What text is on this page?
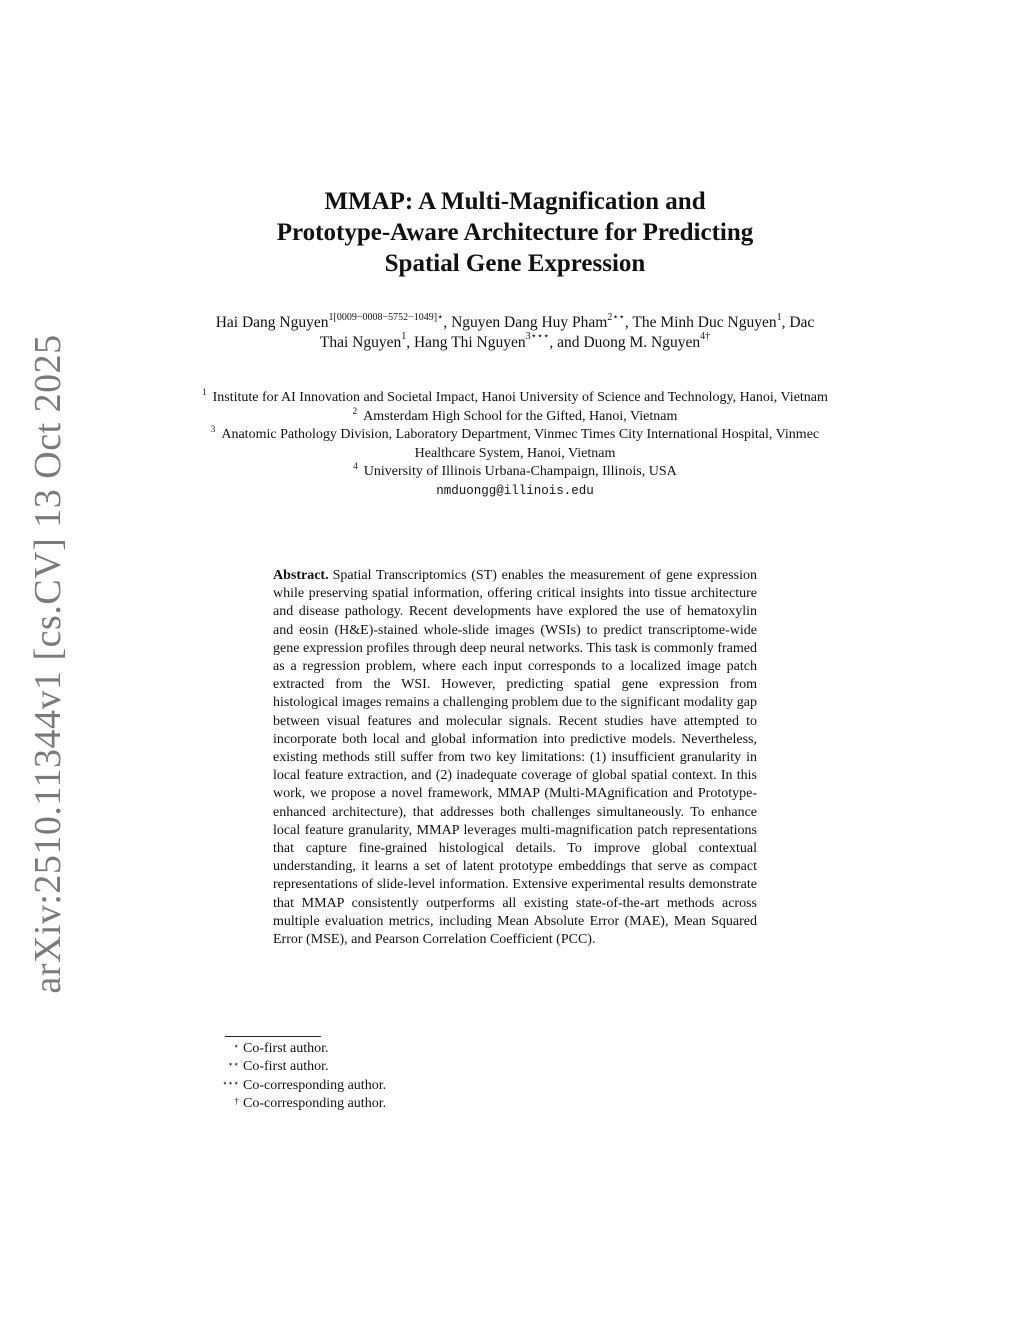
arXiv:2510.11344v1 [cs.CV] 13 Oct 2025
MMAP: A Multi-Magnification and
Prototype-Aware Architecture for Predicting
Spatial Gene Expression

Hai Dang Nguyen$^{1[0009-0008-5752-1049]⋆}$, Nguyen Dang Huy Pham$^{2⋆⋆}$, The Minh Duc Nguyen$^1$, Dac Thai Nguyen$^1$, Hang Thi Nguyen$^{3⋆⋆⋆}$, and Duong M. Nguyen$^{4\dagger}$

$^1$ Institute for AI Innovation and Societal Impact, Hanoi University of Science and Technology, Hanoi, Vietnam
$^2$ Amsterdam High School for the Gifted, Hanoi, Vietnam
$^3$ Anatomic Pathology Division, Laboratory Department, Vinmec Times City International Hospital, Vinmec Healthcare System, Hanoi, Vietnam
$^4$ University of Illinois Urbana-Champaign, Illinois, USA
nmduongg@illinois.edu

Abstract. Spatial Transcriptomics (ST) enables the measurement of gene expression while preserving spatial information, offering critical insights into tissue architecture and disease pathology. Recent developments have explored the use of hematoxylin and eosin (H&E)-stained whole-slide images (WSIs) to predict transcriptome-wide gene expression profiles through deep neural networks. This task is commonly framed as a regression problem, where each input corresponds to a localized image patch extracted from the WSI. However, predicting spatial gene expression from histological images remains a challenging problem due to the significant modality gap between visual features and molecular signals. Recent studies have attempted to incorporate both local and global information into predictive models. Nevertheless, existing methods still suffer from two key limitations: (1) insufficient granularity in local feature extraction, and (2) inadequate coverage of global spatial context. In this work, we propose a novel framework, MMAP (Multi-MAgnification and Prototype-enhanced architecture), that addresses both challenges simultaneously. To enhance local feature granularity, MMAP leverages multi-magnification patch representations that capture fine-grained histological details. To improve global contextual understanding, it learns a set of latent prototype embeddings that serve as compact representations of slide-level information. Extensive experimental results demonstrate that MMAP consistently outperforms all existing state-of-the-art methods across multiple evaluation metrics, including Mean Absolute Error (MAE), Mean Squared Error (MSE), and Pearson Correlation Coefficient (PCC).

⋆ Co-first author.
⋆⋆ Co-first author.
⋆⋆⋆ Co-corresponding author.
† Co-corresponding author.
